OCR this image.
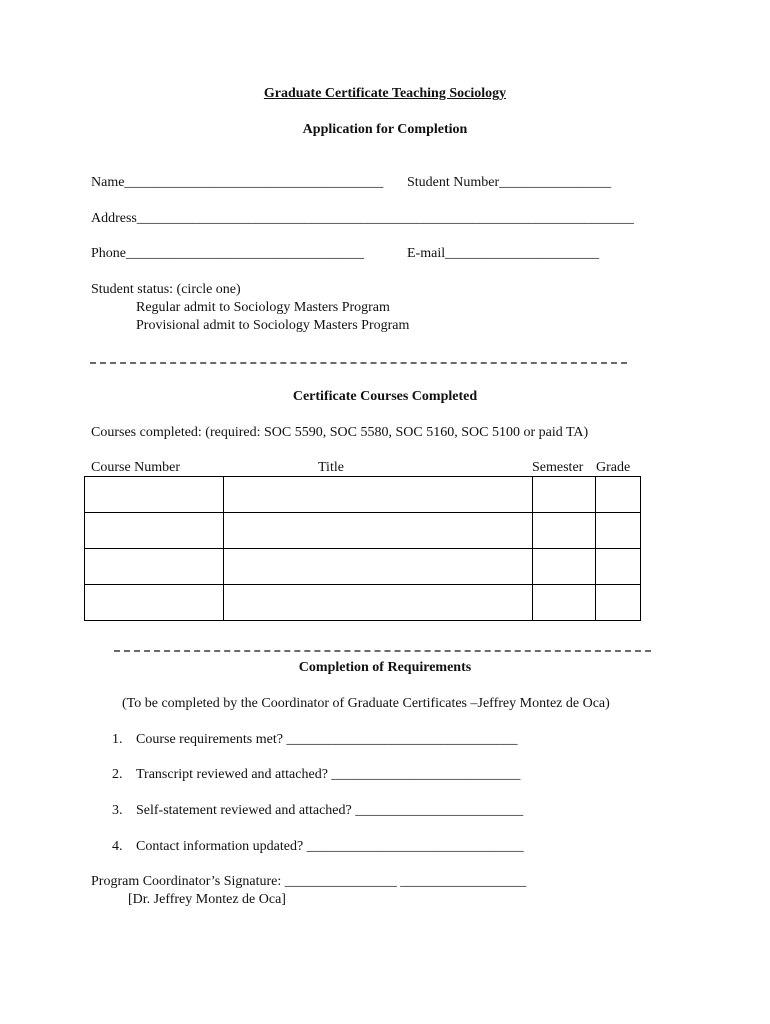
Graduate Certificate Teaching Sociology
Application for Completion
Name_____________________________________ Student Number________________
Address_______________________________________________________________________
Phone__________________________________	E-mail______________________
Student status: (circle one)
Regular admit to Sociology Masters Program
Provisional admit to Sociology Masters Program
Certificate Courses Completed
Courses completed: (required: SOC 5590, SOC 5580, SOC 5160, SOC 5100 or paid TA)
Course Number	Title	Semester Grade

Completion of Requirements
(To be completed by the Coordinator of Graduate Certificates –Jeffrey Montez de Oca)
1. Course requirements met? _________________________________
2. Transcript reviewed and attached? ___________________________
3. Self-statement reviewed and attached? ________________________
4. Contact information updated? _______________________________
Program Coordinator’s Signature: ________________ __________________
[Dr. Jeffrey Montez de Oca]
